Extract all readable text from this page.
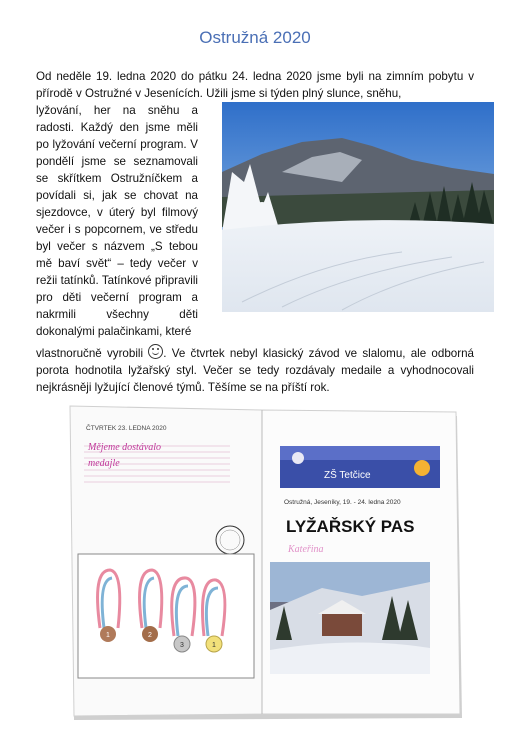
Ostružná 2020

Od neděle 19. ledna 2020 do pátku 24. ledna 2020 jsme byli na zimním pobytu v přírodě v Ostružné v Jesenících. Užili jsme si týden plný slunce, sněhu,

lyžování, her na sněhu a radosti. Každý den jsme měli po lyžování večerní program. V pondělí jsme se seznamovali se skřítkem Ostružníčkem a povídali si, jak se chovat na sjezdovce, v úterý byl filmový večer i s popcornem, ve středu byl večer s názvem „S tebou mě baví svět“ – tedy večer v režii tatínků. Tatínkové připravili pro děti večerní program a nakrmili všechny děti dokonalými palačinkami, které

vlastnoručně vyrobili . Ve čtvrtek nebyl klasický závod ve slalomu, ale odborná porota hodnotila lyžařský styl. Večer se tedy rozdávaly medaile a vyhodnocovali nejkrásněji lyžující členové týmů. Těšíme se na příští rok.

ČTVRTEK 23. LEDNA 2020
Mějeme dostávalo
medajle
1	2
3	1
ZŠ Tetčice
Ostružná, Jeseníky, 19. - 24. ledna 2020
LYŽAŘSKÝ PAS
Kateřina
